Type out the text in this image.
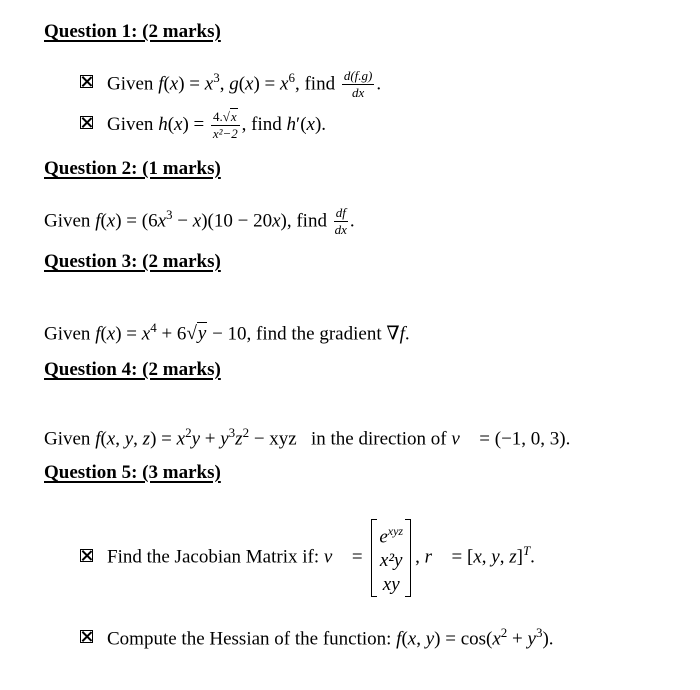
Question 1: (2 marks)
Given $f(x) = x^3$, $g(x) = x^6$, find $\frac{d(f.g)}{dx}$ .
Given $h(x) = \frac{4.√x}{\text{x²−2}}$ , find h′(x).
Question 2: (1 marks)
Given $f(x) = (6x^3 - x)(10 - 20x)$, find $\frac{df}{dx}$ .
Question 3: (2 marks)
Given $f(x) = x^4 + 6√y - 10$, find the gradient ∇f.
Question 4: (2 marks)
Given f(x, y, $z) = x^2y + y^3z^2$ − xyz   in the direction of v⃗ = (−1, 0, 3).
Question 5: (3 marks)
Find the Jacobian Matrix if: v⃗ =
$e^{xyz}$
x²y
xy
, r⃗ = [x, y, z]$^T$.
Compute the Hessian of the function: f(x, $y) = \cos(x^2 + y^3)$.
